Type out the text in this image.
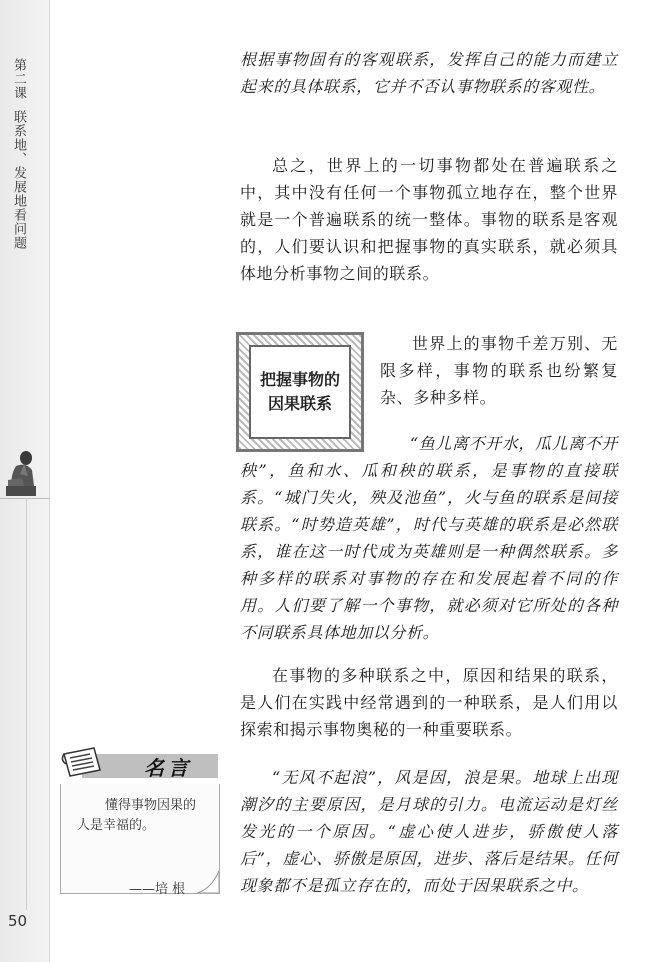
第二课联系地、发展地看问题
50
根据事物固有的客观联系，发挥自己的能力而建立起来的具体联系，它并不否认事物联系的客观性。
总之，世界上的一切事物都处在普遍联系之中，其中没有任何一个事物孤立地存在，整个世界就是一个普遍联系的统一整体。事物的联系是客观的，人们要认识和把握事物的真实联系，就必须具体地分析事物之间的联系。
把握事物的因果联系
世界上的事物千差万别、无限多样，事物的联系也纷繁复杂、多种多样。
“鱼儿离不开水，瓜儿离不开秧”，鱼和水、瓜和秧的联系，是事物的直接联系。“城门失火，殃及池鱼”，火与鱼的联系是间接联系。“时势造英雄”，时代与英雄的联系是必然联系，谁在这一时代成为英雄则是一种偶然联系。多种多样的联系对事物的存在和发展起着不同的作用。人们要了解一个事物，就必须对它所处的各种不同联系具体地加以分析。
在事物的多种联系之中，原因和结果的联系，是人们在实践中经常遇到的一种联系，是人们用以探索和揭示事物奥秘的一种重要联系。
“无风不起浪”，风是因，浪是果。地球上出现潮汐的主要原因，是月球的引力。电流运动是灯丝发光的一个原因。“虚心使人进步，骄傲使人落后”，虚心、骄傲是原因，进步、落后是结果。任何现象都不是孤立存在的，而处于因果联系之中。
名言
懂得事物因果的人是幸福的。
——培 根
